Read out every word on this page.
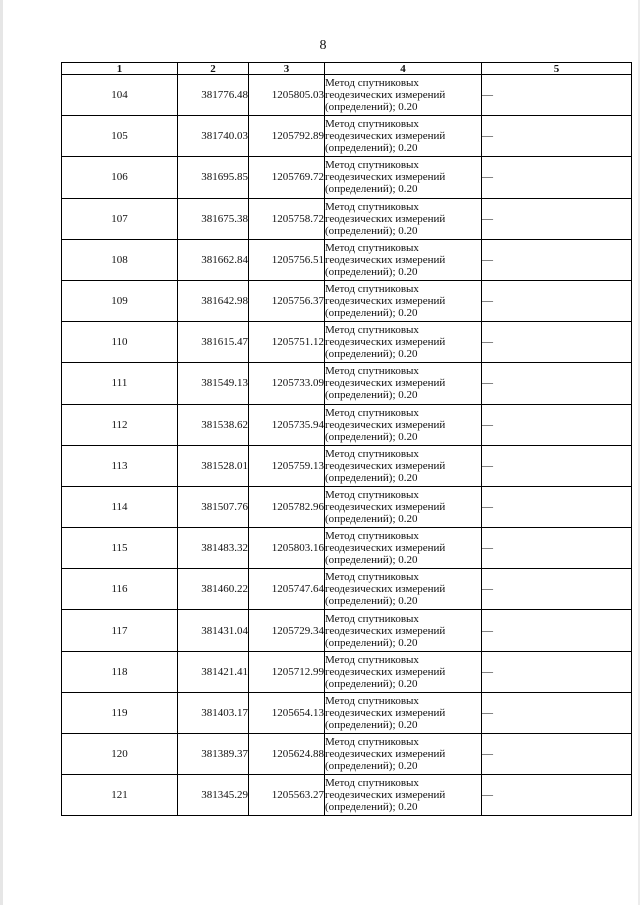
8
1	2	3	4	5
104	381776.48	1205805.03	Метод спутниковых
геодезических измерений
(определений); 0.20	—
105	381740.03	1205792.89	Метод спутниковых
геодезических измерений
(определений); 0.20	—
106	381695.85	1205769.72	Метод спутниковых
геодезических измерений
(определений); 0.20	—
107	381675.38	1205758.72	Метод спутниковых
геодезических измерений
(определений); 0.20	—
108	381662.84	1205756.51	Метод спутниковых
геодезических измерений
(определений); 0.20	—
109	381642.98	1205756.37	Метод спутниковых
геодезических измерений
(определений); 0.20	—
110	381615.47	1205751.12	Метод спутниковых
геодезических измерений
(определений); 0.20	—
111	381549.13	1205733.09	Метод спутниковых
геодезических измерений
(определений); 0.20	—
112	381538.62	1205735.94	Метод спутниковых
геодезических измерений
(определений); 0.20	—
113	381528.01	1205759.13	Метод спутниковых
геодезических измерений
(определений); 0.20	—
114	381507.76	1205782.96	Метод спутниковых
геодезических измерений
(определений); 0.20	—
115	381483.32	1205803.16	Метод спутниковых
геодезических измерений
(определений); 0.20	—
116	381460.22	1205747.64	Метод спутниковых
геодезических измерений
(определений); 0.20	—
117	381431.04	1205729.34	Метод спутниковых
геодезических измерений
(определений); 0.20	—
118	381421.41	1205712.99	Метод спутниковых
геодезических измерений
(определений); 0.20	—
119	381403.17	1205654.13	Метод спутниковых
геодезических измерений
(определений); 0.20	—
120	381389.37	1205624.88	Метод спутниковых
геодезических измерений
(определений); 0.20	—
121	381345.29	1205563.27	Метод спутниковых
геодезических измерений
(определений); 0.20	—
